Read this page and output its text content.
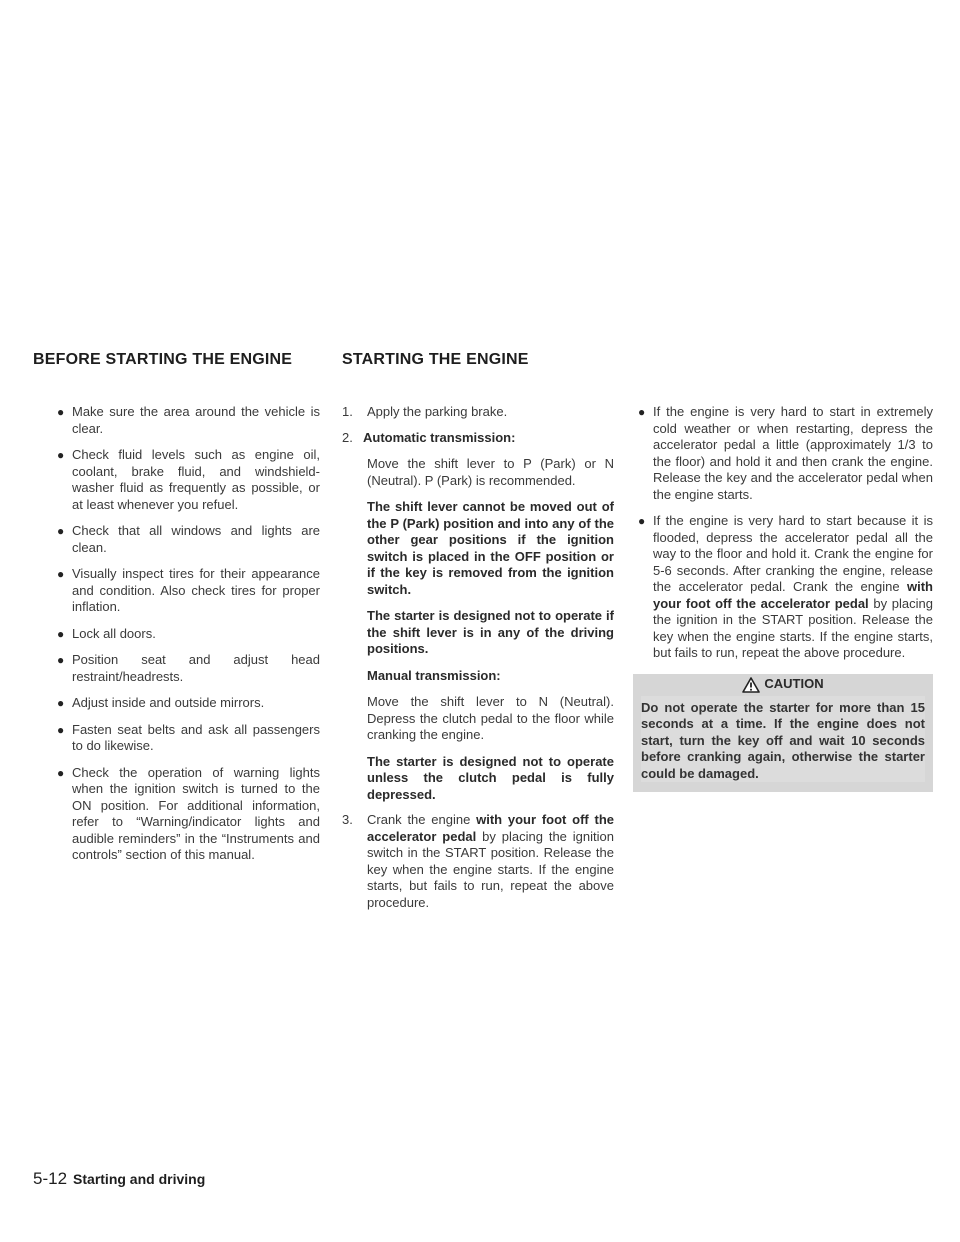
BEFORE STARTING THE ENGINE	STARTING THE ENGINE
● Make sure the area around the vehicle is clear.
● Check fluid levels such as engine oil, coolant, brake fluid, and windshield-washer fluid as frequently as possible, or at least whenever you refuel.
● Check that all windows and lights are clean.
● Visually inspect tires for their appearance and condition. Also check tires for proper inflation.
● Lock all doors.
● Position seat and adjust head restraint/headrests.
● Adjust inside and outside mirrors.
● Fasten seat belts and ask all passengers to do likewise.
● Check the operation of warning lights when the ignition switch is turned to the ON position. For additional information, refer to “Warning/indicator lights and audible reminders” in the “Instruments and controls” section of this manual.
1. Apply the parking brake.
2. Automatic transmission:

Move the shift lever to P (Park) or N (Neutral). P (Park) is recommended.

The shift lever cannot be moved out of the P (Park) position and into any of the other gear positions if the ignition switch is placed in the OFF position or if the key is removed from the ignition switch.

The starter is designed not to operate if the shift lever is in any of the driving positions.

Manual transmission:

Move the shift lever to N (Neutral). Depress the clutch pedal to the floor while cranking the engine.

The starter is designed not to operate unless the clutch pedal is fully depressed.

3. Crank the engine with your foot off the accelerator pedal by placing the ignition switch in the START position. Release the key when the engine starts. If the engine starts, but fails to run, repeat the above procedure.
● If the engine is very hard to start in extremely cold weather or when restarting, depress the accelerator pedal a little (approximately 1/3 to the floor) and hold it and then crank the engine. Release the key and the accelerator pedal when the engine starts.
● If the engine is very hard to start because it is flooded, depress the accelerator pedal all the way to the floor and hold it. Crank the engine for 5-6 seconds. After cranking the engine, release the accelerator pedal. Crank the engine with your foot off the accelerator pedal by placing the ignition in the START position. Release the key when the engine starts. If the engine starts, but fails to run, repeat the above procedure.
CAUTION
Do not operate the starter for more than 15 seconds at a time. If the engine does not start, turn the key off and wait 10 seconds before cranking again, otherwise the starter could be damaged.
5-12 Starting and driving
